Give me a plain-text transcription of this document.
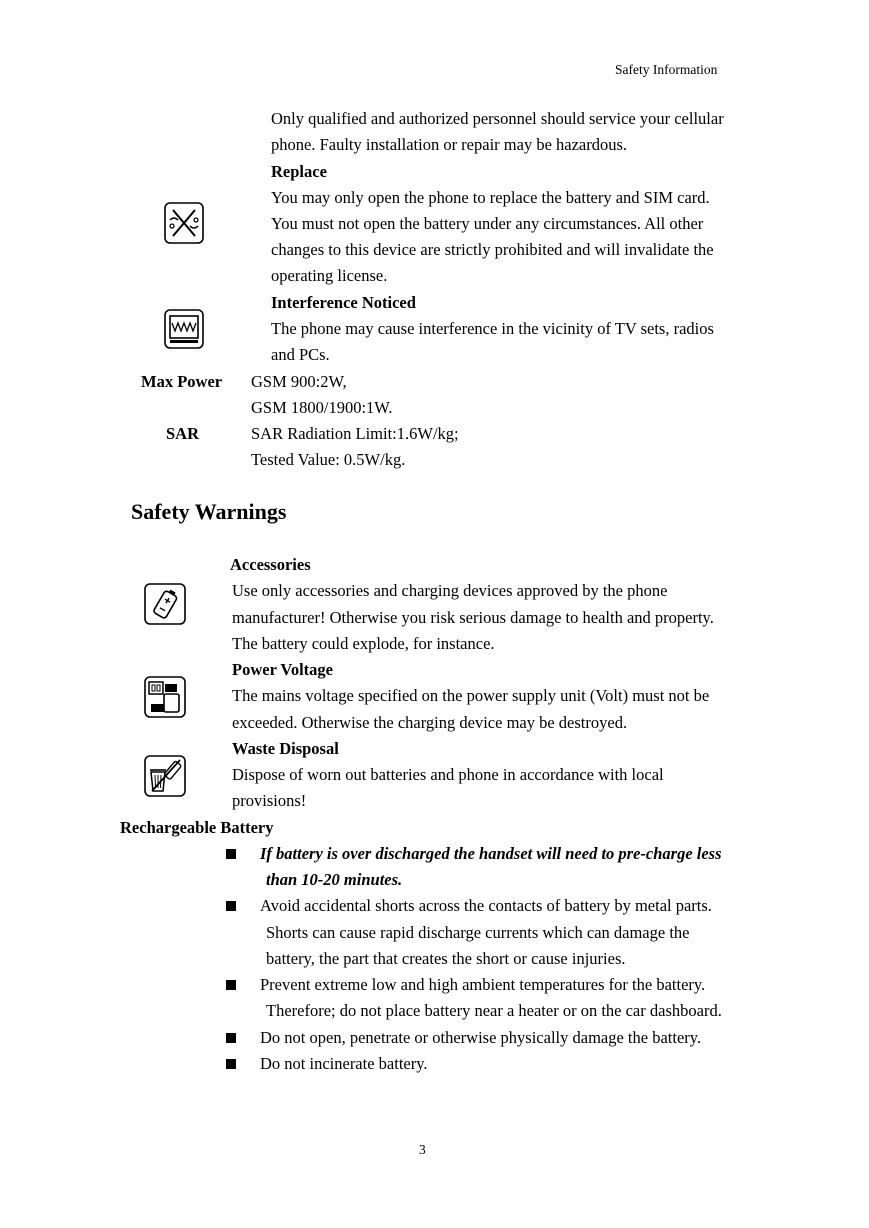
Safety Information
Only qualified and authorized personnel should service your cellular
phone. Faulty installation or repair may be hazardous.
Replace
You may only open the phone to replace the battery and SIM card.
You must not open the battery under any circumstances. All other
changes to this device are strictly prohibited and will invalidate the
operating license.
Interference Noticed
The phone may cause interference in the vicinity of TV sets, radios
and PCs.
Max Power GSM 900:2W,
GSM 1800/1900:1W.
SAR	SAR Radiation Limit:1.6W/kg;
Tested Value: 0.5W/kg.
Safety Warnings
Accessories
Use only accessories and charging devices approved by the phone
manufacturer! Otherwise you risk serious damage to health and property.
The battery could explode, for instance.
Power Voltage
The mains voltage specified on the power supply unit (Volt) must not be
exceeded. Otherwise the charging device may be destroyed.
Waste Disposal
Dispose of worn out batteries and phone in accordance with local
provisions!
Rechargeable Battery
If battery is over discharged the handset will need to pre-charge less
than 10-20 minutes.
Avoid accidental shorts across the contacts of battery by metal parts.
Shorts can cause rapid discharge currents which can damage the
battery, the part that creates the short or cause injuries.
Prevent extreme low and high ambient temperatures for the battery.
Therefore; do not place battery near a heater or on the car dashboard.
Do not open, penetrate or otherwise physically damage the battery.
Do not incinerate battery.
3
